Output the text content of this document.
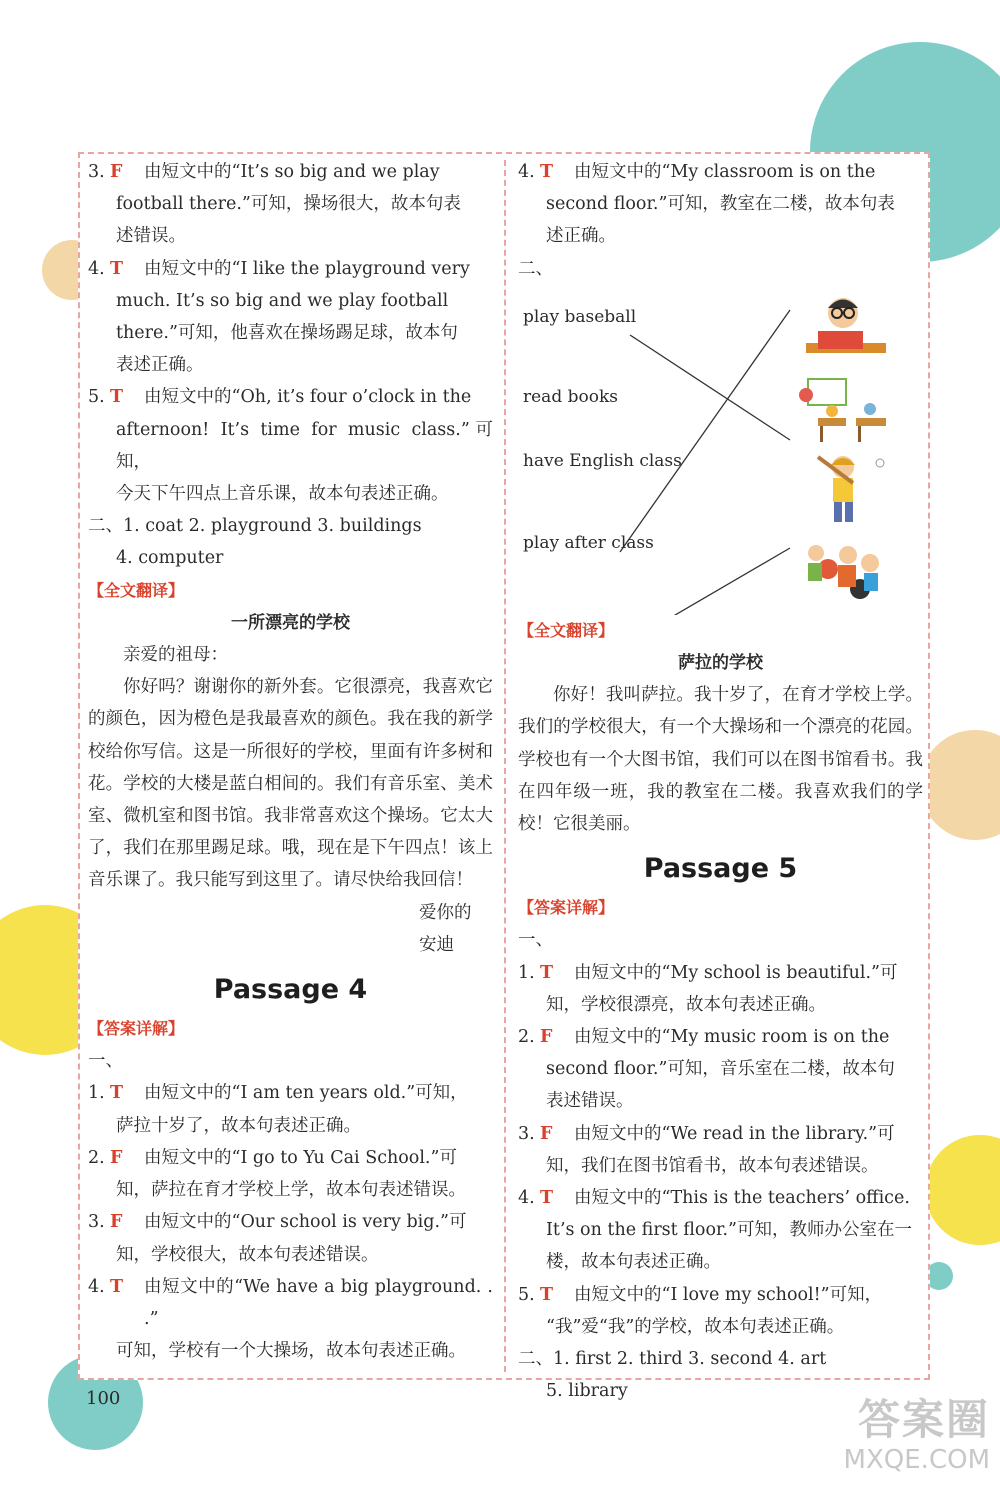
3. F	由短文中的“It’s so big and we play
football there.”可知，操场很大，故本句表
述错误。
4. T	由短文中的“I like the playground very
much. It’s so big and we play football
there.”可知，他喜欢在操场踢足球，故本句
表述正确。
5. T	由短文中的“Oh, it’s four o’clock in the
afternoon! It’s time for music class.”可知，
今天下午四点上音乐课，故本句表述正确。
二、1. coat 2. playground 3. buildings
4. computer
【全文翻译】
一所漂亮的学校
亲爱的祖母：
你好吗？谢谢你的新外套。它很漂亮，我喜欢它的颜色，因为橙色是我最喜欢的颜色。我在我的新学校给你写信。这是一所很好的学校，里面有许多树和花。学校的大楼是蓝白相间的。我们有音乐室、美术室、微机室和图书馆。我非常喜欢这个操场。它太大了，我们在那里踢足球。哦，现在是下午四点！该上音乐课了。我只能写到这里了。请尽快给我回信！
爱你的
安迪
Passage 4
【答案详解】
一、
1. T	由短文中的“I am ten years old.”可知，
萨拉十岁了，故本句表述正确。
2. F	由短文中的“I go to Yu Cai School.”可
知，萨拉在育才学校上学，故本句表述错误。
3. F	由短文中的“Our school is very big.”可
知，学校很大，故本句表述错误。
4. T	由短文中的“We have a big playground. . .”
可知，学校有一个大操场，故本句表述正确。
4. T	由短文中的“My classroom is on the
second floor.”可知，教室在二楼，故本句表
述正确。
二、
play baseball
read books
have English class
play after class
【全文翻译】
萨拉的学校
你好！我叫萨拉。我十岁了，在育才学校上学。我们的学校很大，有一个大操场和一个漂亮的花园。学校也有一个大图书馆，我们可以在图书馆看书。我在四年级一班，我的教室在二楼。我喜欢我们的学校！它很美丽。
Passage 5
【答案详解】
一、
1. T	由短文中的“My school is beautiful.”可
知，学校很漂亮，故本句表述正确。
2. F	由短文中的“My music room is on the
second floor.”可知，音乐室在二楼，故本句
表述错误。
3. F	由短文中的“We read in the library.”可
知，我们在图书馆看书，故本句表述错误。
4. T	由短文中的“This is the teachers’ office.
It’s on the first floor.”可知，教师办公室在一
楼，故本句表述正确。
5. T	由短文中的“I love my school!”可知，
“我”爱“我”的学校，故本句表述正确。
二、1. first 2. third 3. second 4. art
5. library
100	答案圈
MXQE.COM
